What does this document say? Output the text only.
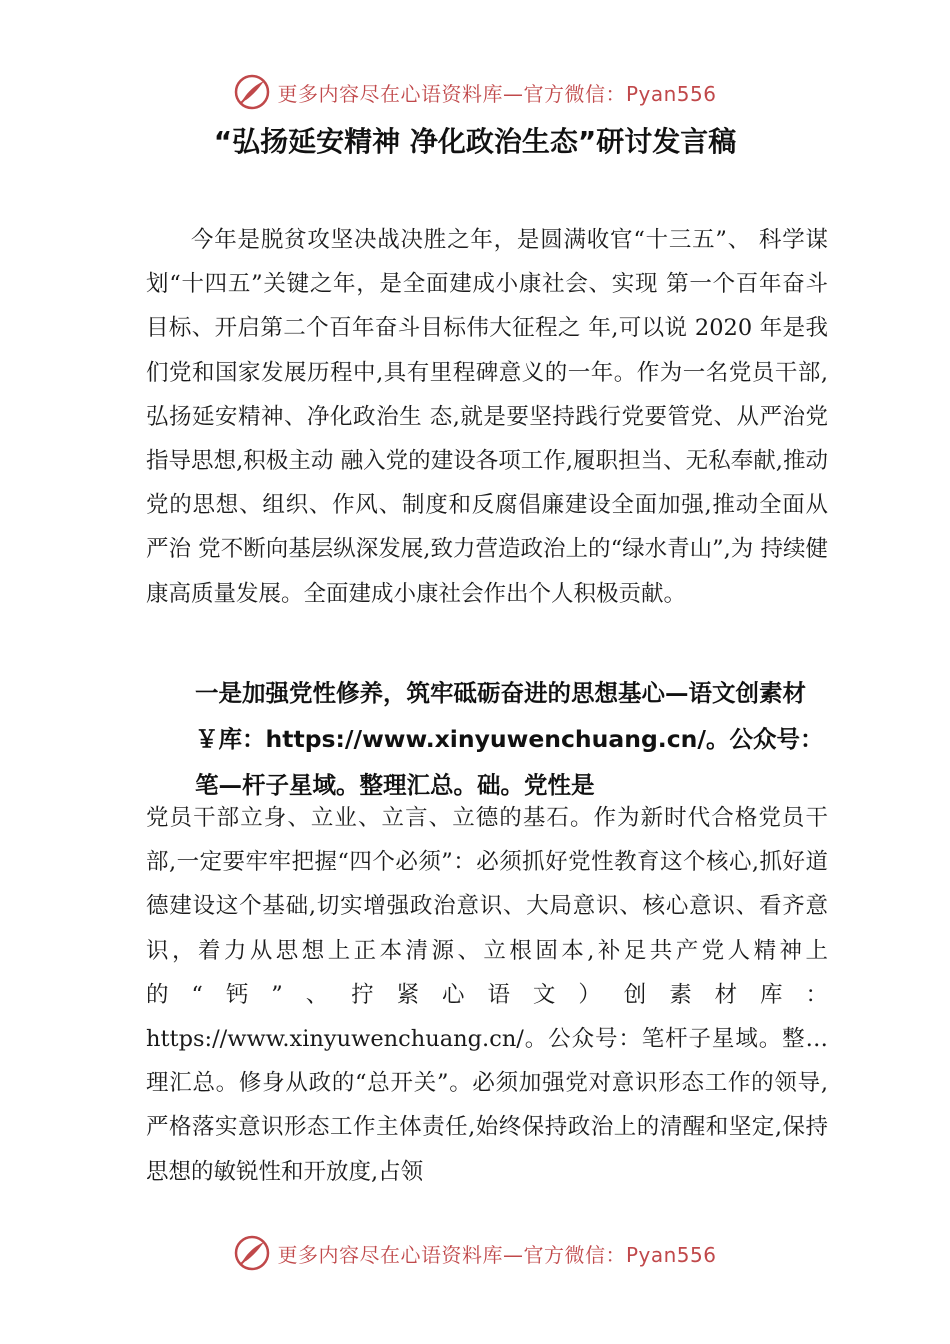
更多内容尽在心语资料库—官方微信：Pyan556
“弘扬延安精神 净化政治生态”研讨发言稿

今年是脱贫攻坚决战决胜之年，是圆满收官“十三五”、 科学谋划“十四五”关键之年，是全面建成小康社会、实现 第一个百年奋斗目标、开启第二个百年奋斗目标伟大征程之 年,可以说 2020 年是我们党和国家发展历程中,具有里程碑意义的一年。作为一名党员干部,弘扬延安精神、净化政治生 态,就是要坚持践行党要管党、从严治党指导思想,积极主动 融入党的建设各项工作,履职担当、无私奉献,推动党的思想、组织、作风、制度和反腐倡廉建设全面加强,推动全面从严治 党不断向基层纵深发展,致力营造政治上的“绿水青山”,为 持续健康高质量发展。全面建成小康社会作出个人积极贡献。

一是加强党性修养，筑牢砥砺奋进的思想基心—语文创素材￥库：https://www.xinyuwenchuang.cn/。公众号：笔—杆子星域。整理汇总。础。党性是

党员干部立身、立业、立言、立德的基石。作为新时代合格党员干部,一定要牢牢把握“四个必须”：必须抓好党性教育这个核心,抓好道德建设这个基础,切实增强政治意识、大局意识、核心意识、看齐意识，着力从思想上正本清源、立根固本,补足共产党人精神上的“钙”、拧紧心语文）创素材库：https://www.xinyuwenchuang.cn/。公众号：笔杆子星域。整…理汇总。修身从政的“总开关”。必须加强党对意识形态工作的领导,严格落实意识形态工作主体责任,始终保持政治上的清醒和坚定,保持思想的敏锐性和开放度,占领

更多内容尽在心语资料库—官方微信：Pyan556
